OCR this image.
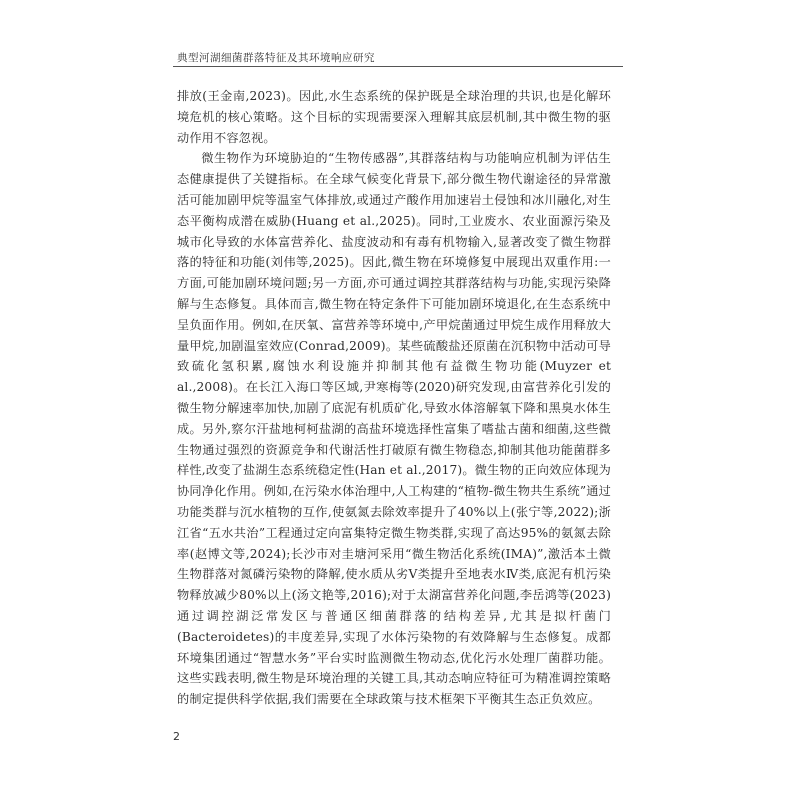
典型河湖细菌群落特征及其环境响应研究

排放(王金南,2023)。因此,水生态系统的保护既是全球治理的共识,也是化解环境危机的核心策略。这个目标的实现需要深入理解其底层机制,其中微生物的驱动作用不容忽视。

微生物作为环境胁迫的“生物传感器”,其群落结构与功能响应机制为评估生态健康提供了关键指标。在全球气候变化背景下,部分微生物代谢途径的异常激活可能加剧甲烷等温室气体排放,或通过产酸作用加速岩土侵蚀和冰川融化,对生态平衡构成潜在威胁(Huang et al.,2025)。同时,工业废水、农业面源污染及城市化导致的水体富营养化、盐度波动和有毒有机物输入,显著改变了微生物群落的特征和功能(刘伟等,2025)。因此,微生物在环境修复中展现出双重作用:一方面,可能加剧环境问题;另一方面,亦可通过调控其群落结构与功能,实现污染降解与生态修复。具体而言,微生物在特定条件下可能加剧环境退化,在生态系统中呈负面作用。例如,在厌氧、富营养等环境中,产甲烷菌通过甲烷生成作用释放大量甲烷,加剧温室效应(Conrad,2009)。某些硫酸盐还原菌在沉积物中活动可导致硫化氢积累,腐蚀水利设施并抑制其他有益微生物功能(Muyzer et al.,2008)。在长江入海口等区域,尹寒梅等(2020)研究发现,由富营养化引发的微生物分解速率加快,加剧了底泥有机质矿化,导致水体溶解氧下降和黑臭水体生成。另外,察尔汗盐地柯柯盐湖的高盐环境选择性富集了嗜盐古菌和细菌,这些微生物通过强烈的资源竞争和代谢活性打破原有微生物稳态,抑制其他功能菌群多样性,改变了盐湖生态系统稳定性(Han et al.,2017)。微生物的正向效应体现为协同净化作用。例如,在污染水体治理中,人工构建的“植物-微生物共生系统”通过功能类群与沉水植物的互作,使氨氮去除效率提升了40%以上(张宁等,2022);浙江省“五水共治”工程通过定向富集特定微生物类群,实现了高达95%的氨氮去除率(赵博文等,2024);长沙市对圭塘河采用“微生物活化系统(IMA)”,激活本土微生物群落对氮磷污染物的降解,使水质从劣Ⅴ类提升至地表水Ⅳ类,底泥有机污染物释放减少80%以上(汤文艳等,2016);对于太湖富营养化问题,李岳鸿等(2023)通过调控湖泛常发区与普通区细菌群落的结构差异,尤其是拟杆菌门(Bacteroidetes)的丰度差异,实现了水体污染物的有效降解与生态修复。成都环境集团通过“智慧水务”平台实时监测微生物动态,优化污水处理厂菌群功能。这些实践表明,微生物是环境治理的关键工具,其动态响应特征可为精准调控策略的制定提供科学依据,我们需要在全球政策与技术框架下平衡其生态正负效应。

2
